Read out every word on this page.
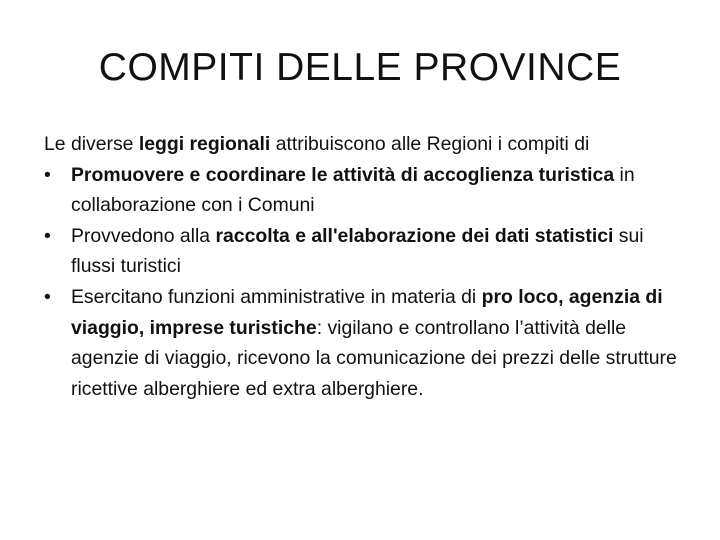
COMPITI DELLE PROVINCE

Le diverse leggi regionali attribuiscono alle Regioni i compiti di

• Promuovere e coordinare le attività di accoglienza turistica in collaborazione con i Comuni
• Provvedono alla raccolta e all'elaborazione dei dati statistici sui flussi turistici
• Esercitano funzioni amministrative in materia di pro loco, agenzia di viaggio, imprese turistiche: vigilano e controllano l’attività delle agenzie di viaggio, ricevono la comunicazione dei prezzi delle strutture ricettive alberghiere ed extra alberghiere.
